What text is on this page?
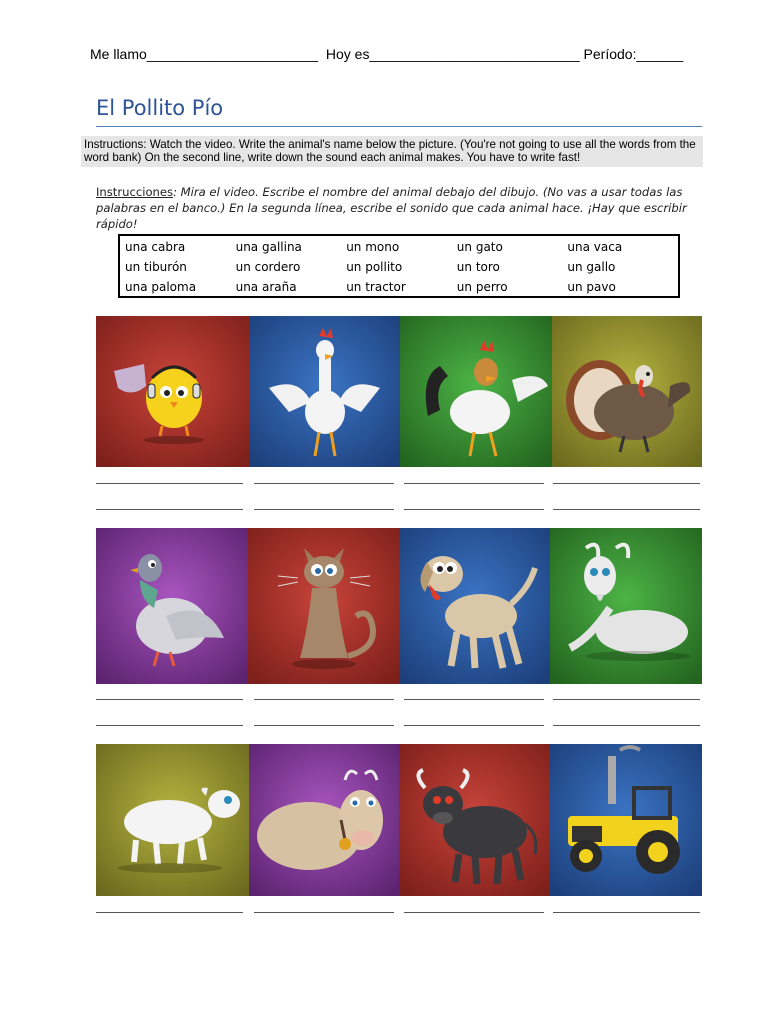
Me llamo______________________  Hoy es___________________________ Período:______
El Pollito Pío
Instructions: Watch the video. Write the animal's name below the picture. (You're not going to use all the words from the word bank) On the second line, write down the sound each animal makes. You have to write fast!
Instrucciones: Mira el video. Escribe el nombre del animal debajo del dibujo. (No vas a usar todas las palabras en el banco.) En la segunda línea, escribe el sonido que cada animal hace. ¡Hay que escribir rápido!
una cabra	una gallina	un mono	un gato	una vaca
un tiburón	un cordero	un pollito	un toro	un gallo
una paloma	una araña	un tractor	un perro	un pavo
